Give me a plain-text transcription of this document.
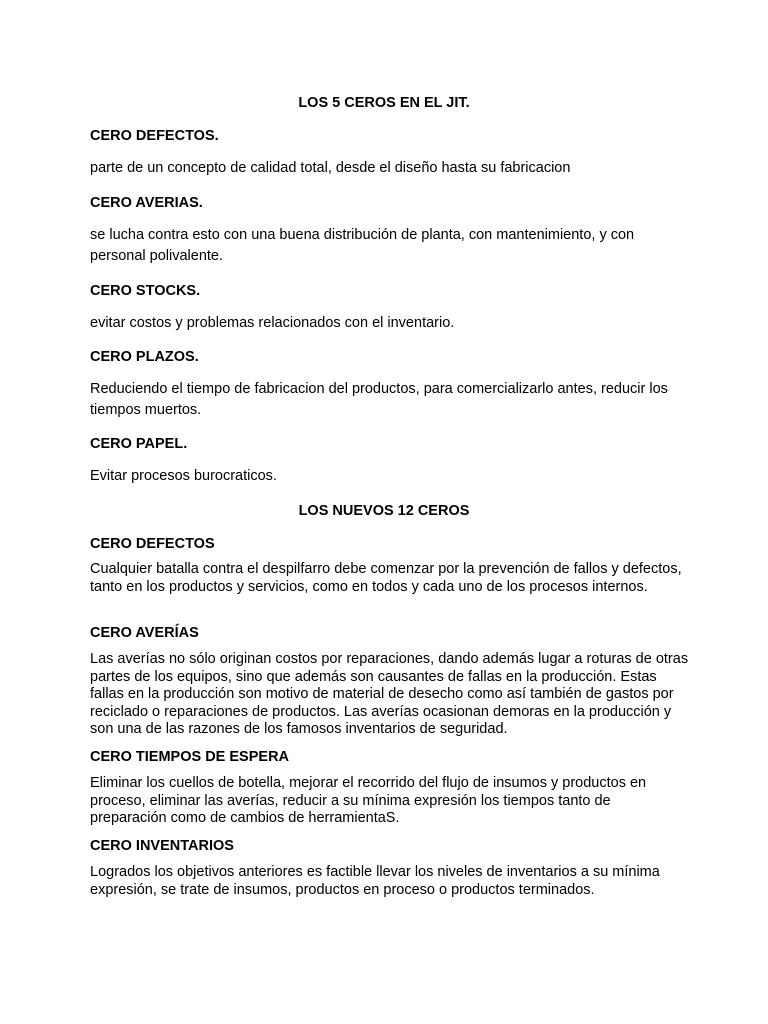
LOS 5 CEROS EN EL JIT.
CERO DEFECTOS.

parte de un concepto de calidad total, desde el diseño hasta su fabricacion

CERO AVERIAS.

se lucha contra esto con una buena distribución de planta, con mantenimiento, y con personal polivalente.

CERO STOCKS.

evitar costos y problemas relacionados con el inventario.

CERO PLAZOS.

Reduciendo el tiempo de fabricacion del productos, para comercializarlo antes, reducir los tiempos muertos.

CERO PAPEL.

Evitar procesos burocraticos.

LOS NUEVOS 12 CEROS
CERO DEFECTOS

Cualquier batalla contra el despilfarro debe comenzar por la prevención de fallos y defectos, tanto en los productos y servicios, como en todos y cada uno de los procesos internos.

CERO AVERÍAS

Las averías no sólo originan costos por reparaciones, dando además lugar a roturas de otras partes de los equipos, sino que además son causantes de fallas en la producción. Estas fallas en la producción son motivo de material de desecho como así también de gastos por reciclado o reparaciones de productos. Las averías ocasionan demoras en la producción y son una de las razones de los famosos inventarios de seguridad.

CERO TIEMPOS DE ESPERA

Eliminar los cuellos de botella, mejorar el recorrido del flujo de insumos y productos en proceso, eliminar las averías, reducir a su mínima expresión los tiempos tanto de preparación como de cambios de herramientaS.

CERO INVENTARIOS

Logrados los objetivos anteriores es factible llevar los niveles de inventarios a su mínima expresión, se trate de insumos, productos en proceso o productos terminados.
